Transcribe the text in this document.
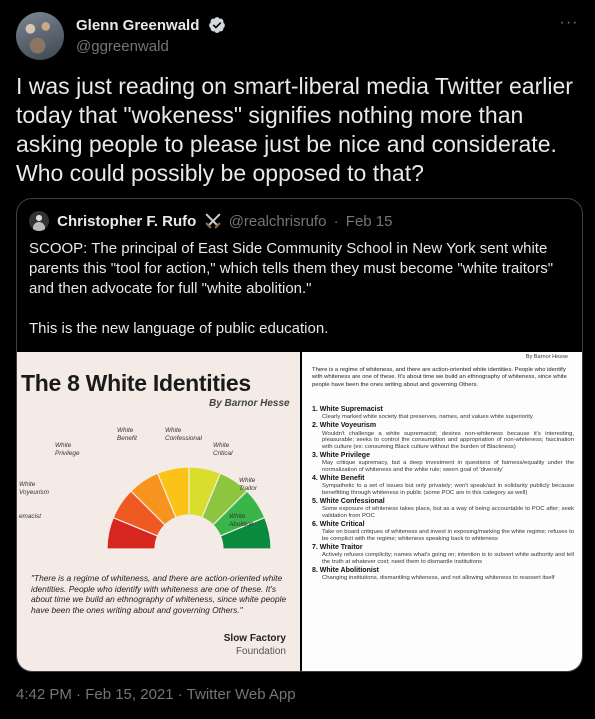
Glenn Greenwald
@ggreenwald
···
I was just reading on smart-liberal media Twitter earlier today that "wokeness" signifies nothing more than asking people to please just be nice and considerate. Who could possibly be opposed to that?
Christopher F. Rufo @realchrisrufo · Feb 15

SCOOP: The principal of East Side Community School in New York sent white parents this "tool for action," which tells them they must become "white traitors" and then advocate for full "white abolition."

This is the new language of public education.

The 8 White Identities
By Barnor Hesse
emacist
White
Voyeurism
White
Privilege
White
Benefit
White
Confessional
White
Critical
White
Traitor
White
Abolition
"There is a regime of whiteness, and there are action-oriented white identities. People who identify with whiteness are one of these. It's about time we build an ethnography of whiteness, since white people have been the ones writing about and governing Others."
Slow Factory
Foundation
By Barnor Hesse
There is a regime of whiteness, and there are action-oriented white identities. People who identify with whiteness are one of these. It's about time we build an ethnography of whiteness, since white people have been the ones writing about and governing Others.
1. White Supremacist
Clearly marked white society that preserves, names, and values white superiority
2. White Voyeurism
Wouldn't challenge a white supremacist; desires non-whiteness because it's interesting, pleasurable; seeks to control the consumption and appropriation of non-whiteness; fascination with culture (ex: consuming Black culture without the burden of Blackness)
3. White Privilege
May critique supremacy, but a deep investment in questions of fairness/equality under the normalization of whiteness and the white rule; sworn goal of 'diversity'
4. White Benefit
Sympathetic to a set of issues but only privately; won't speak/act in solidarity publicly because benefitting through whiteness in public (some POC are in this category as well)
5. White Confessional
Some exposure of whiteness takes place, but as a way of being accountable to POC after; seek validation from POC
6. White Critical
Take on board critiques of whiteness and invest in exposing/marking the white regime; refuses to be complicit with the regime; whiteness speaking back to whiteness
7. White Traitor
Actively refuses complicity; names what's going on; intention is to subvert white authority and tell the truth at whatever cost; need them to dismantle institutions
8. White Abolitionist
Changing institutions, dismantling whiteness, and not allowing whiteness to reassert itself
4:42 PM · Feb 15, 2021 · Twitter Web App
